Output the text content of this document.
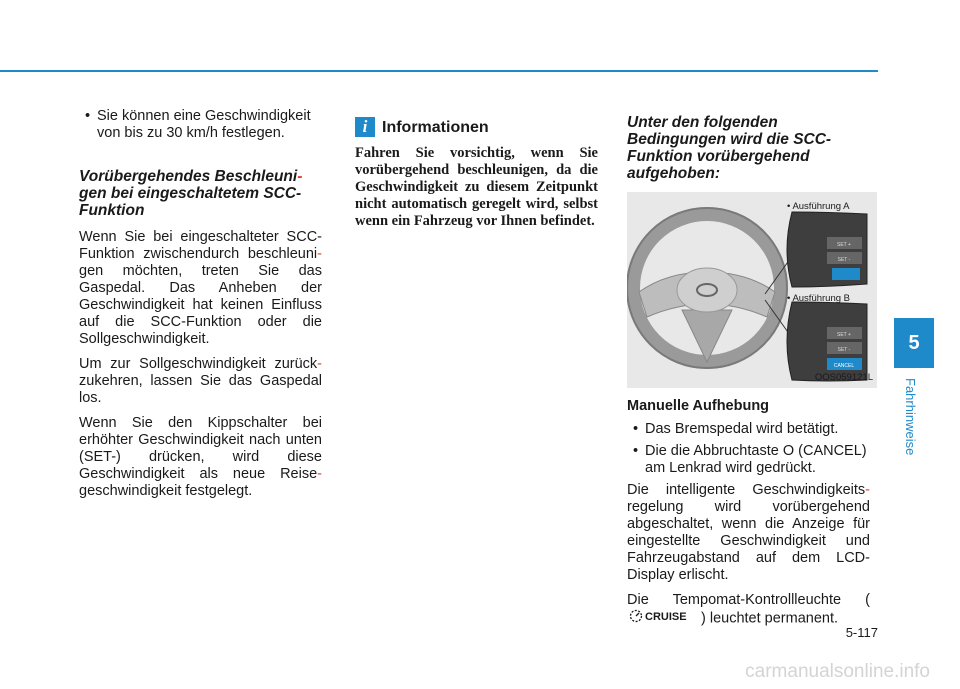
• Sie können eine Geschwindigkeit von bis zu 30 km/h festlegen.
Vorübergehendes Beschleuni-
gen bei eingeschaltetem SCC-Funktion

Wenn Sie bei eingeschalteter SCC-Funktion zwischendurch beschleuni- gen möchten, treten Sie das Gaspedal. Das Anheben der Geschwindigkeit hat keinen Einfluss auf die SCC-Funktion oder die Sollgeschwindigkeit.

Um zur Sollgeschwindigkeit zurück- zukehren, lassen Sie das Gaspedal los.

Wenn Sie den Kippschalter bei erhöhter Geschwindigkeit nach unten (SET-) drücken, wird diese Geschwindigkeit als neue Reise- geschwindigkeit festgelegt.

i Informationen

Fahren Sie vorsichtig, wenn Sie vorübergehend beschleunigen, da die Geschwindigkeit zu diesem Zeitpunkt nicht automatisch geregelt wird, selbst wenn ein Fahrzeug vor Ihnen befindet.

Unter den folgenden Bedingungen wird die SCC-Funktion vorübergehend aufgehoben:
SET +
SET -
SET +
SET -
CANCEL
• Ausführung A
• Ausführung B
OOS059121L
Manuelle Aufhebung
• Das Bremspedal wird betätigt.
• Die die Abbruchtaste O (CANCEL) am Lenkrad wird gedrückt.

Die intelligente Geschwindigkeits- regelung wird vorübergehend abgeschaltet, wenn die Anzeige für eingestellte Geschwindigkeit und Fahrzeugabstand auf dem LCD-Display erlischt.

Die Tempomat-Kontrollleuchte (
CRUISE ) leuchtet permanent.

5
Fahrhinweise
5-117
carmanualsonline.info
